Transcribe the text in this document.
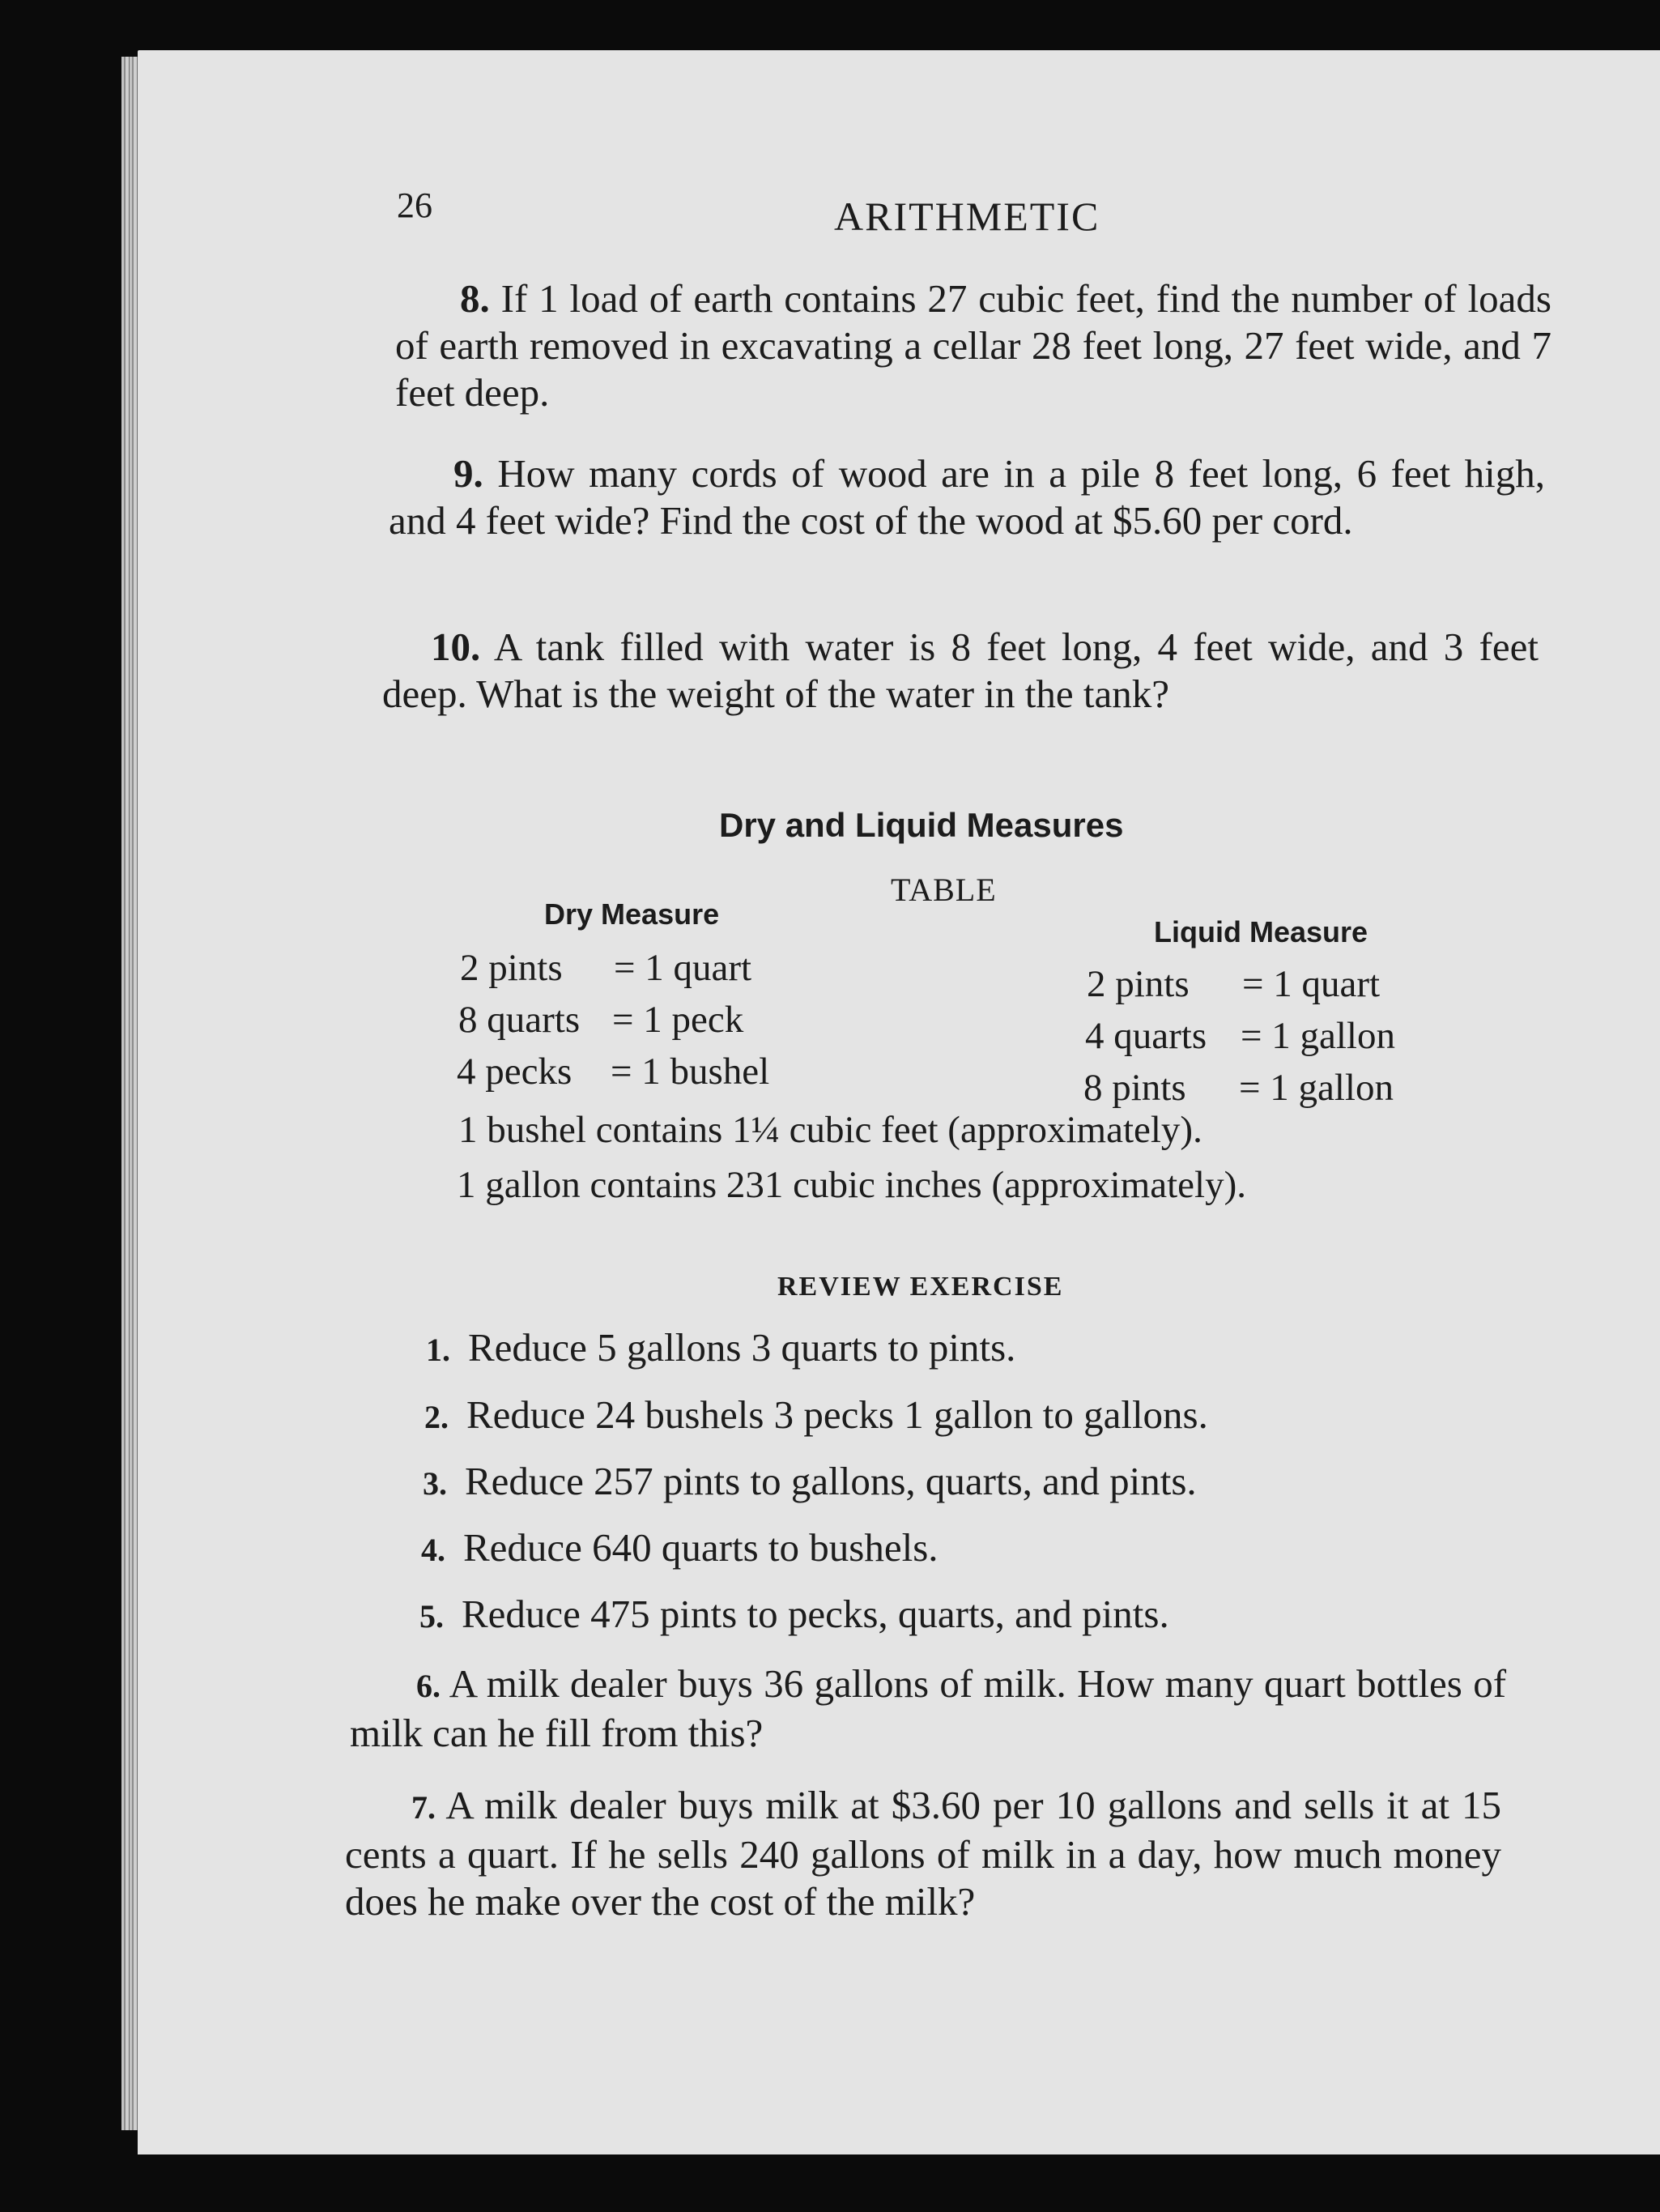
26	ARITHMETIC
8. If 1 load of earth contains 27 cubic feet, find the number of loads of earth removed in excavating a cellar 28 feet long, 27 feet wide, and 7 feet deep.
9. How many cords of wood are in a pile 8 feet long, 6 feet high, and 4 feet wide? Find the cost of the wood at $5.60 per cord.
10. A tank filled with water is 8 feet long, 4 feet wide, and 3 feet deep. What is the weight of the water in the tank?
Dry and Liquid Measures
TABLE
Dry Measure
Liquid Measure
2 pints = 1 quart
8 quarts = 1 peck
4 pecks = 1 bushel
2 pints = 1 quart
4 quarts = 1 gallon
8 pints = 1 gallon
1 bushel contains 1¼ cubic feet (approximately).
1 gallon contains 231 cubic inches (approximately).
REVIEW EXERCISE
1. Reduce 5 gallons 3 quarts to pints.
2. Reduce 24 bushels 3 pecks 1 gallon to gallons.
3. Reduce 257 pints to gallons, quarts, and pints.
4. Reduce 640 quarts to bushels.
5. Reduce 475 pints to pecks, quarts, and pints.
6. A milk dealer buys 36 gallons of milk. How many quart bottles of milk can he fill from this?
7. A milk dealer buys milk at $3.60 per 10 gallons and sells it at 15 cents a quart. If he sells 240 gallons of milk in a day, how much money does he make over the cost of the milk?
